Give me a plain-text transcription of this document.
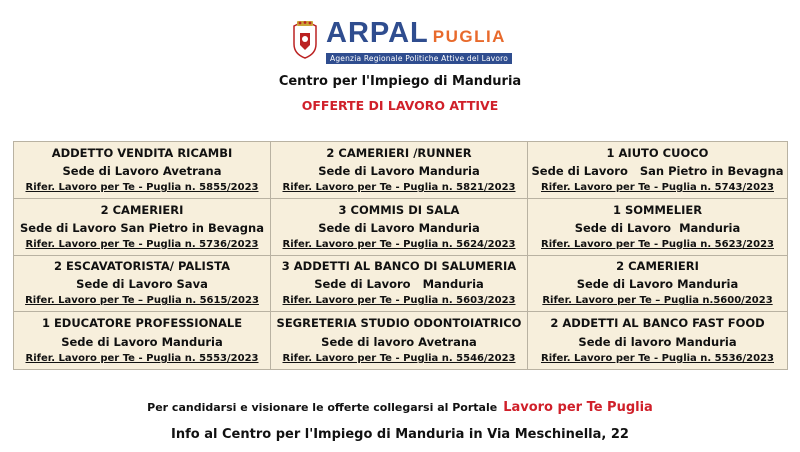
ARPAL PUGLIA
Agenzia Regionale Politiche Attive del Lavoro
Centro per l'Impiego di Manduria
OFFERTE DI LAVORO ATTIVE
ADDETTO VENDITA RICAMBI
Sede di Lavoro Avetrana
Rifer. Lavoro per Te - Puglia n. 5855/2023
2 CAMERIERI /RUNNER
Sede di Lavoro Manduria
Rifer. Lavoro per Te - Puglia n. 5821/2023
1 AIUTO CUOCO
Sede di Lavoro   San Pietro in Bevagna
Rifer. Lavoro per Te - Puglia n. 5743/2023
2 CAMERIERI
Sede di Lavoro San Pietro in Bevagna
Rifer. Lavoro per Te - Puglia n. 5736/2023
3 COMMIS DI SALA
Sede di Lavoro Manduria
Rifer. Lavoro per Te - Puglia n. 5624/2023
1 SOMMELIER
Sede di Lavoro  Manduria
Rifer. Lavoro per Te - Puglia n. 5623/2023
2 ESCAVATORISTA/ PALISTA
Sede di Lavoro Sava
Rifer. Lavoro per Te – Puglia n. 5615/2023
3 ADDETTI AL BANCO DI SALUMERIA
Sede di Lavoro   Manduria
Rifer. Lavoro per Te - Puglia n. 5603/2023
2 CAMERIERI
Sede di Lavoro Manduria
Rifer. Lavoro per Te – Puglia n.5600/2023
1 EDUCATORE PROFESSIONALE
Sede di Lavoro Manduria
Rifer. Lavoro per Te - Puglia n. 5553/2023
SEGRETERIA STUDIO ODONTOIATRICO
Sede di lavoro Avetrana
Rifer. Lavoro per Te - Puglia n. 5546/2023
2 ADDETTI AL BANCO FAST FOOD
Sede di lavoro Manduria
Rifer. Lavoro per Te - Puglia n. 5536/2023
Per candidarsi e visionare le offerte collegarsi al Portale Lavoro per Te Puglia
Info al Centro per l'Impiego di Manduria in Via Meschinella, 22
